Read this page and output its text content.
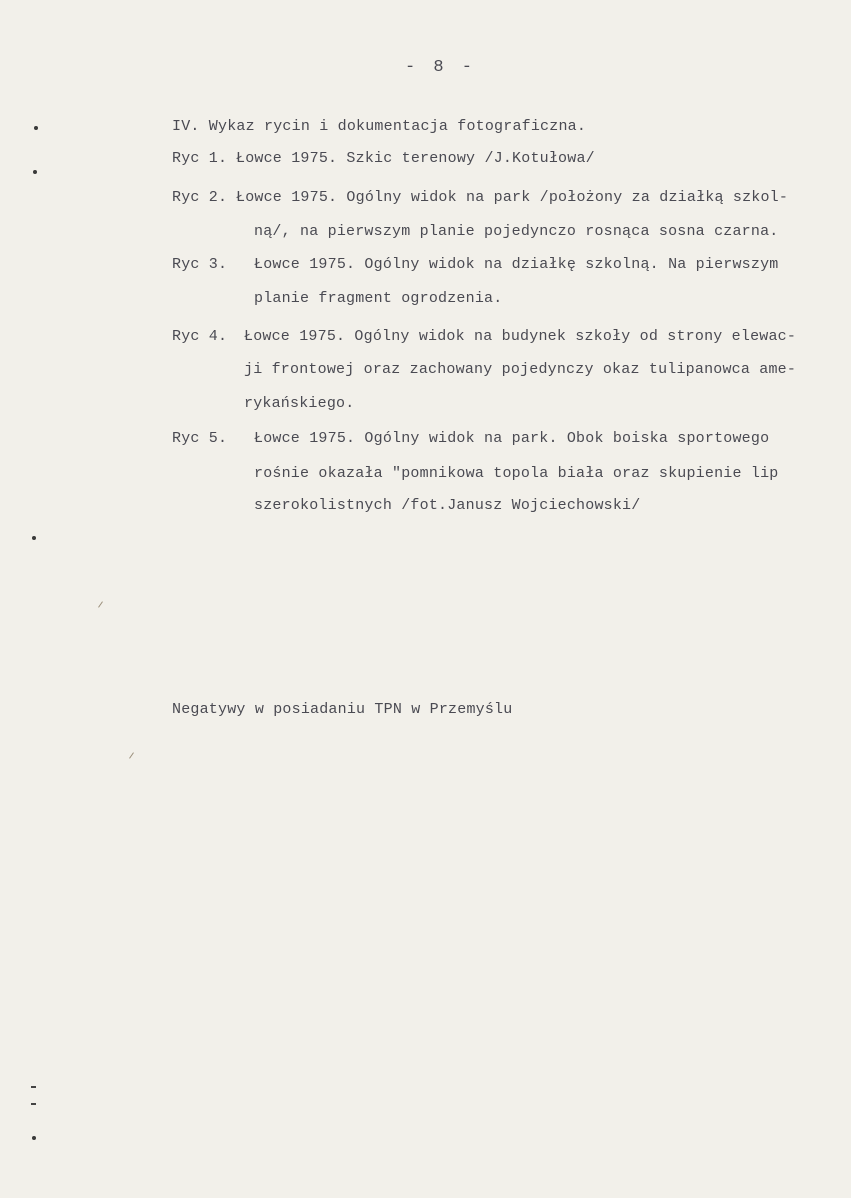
- 8 -
IV. Wykaz rycin i dokumentacja fotograficzna.
Ryc 1. Łowce 1975. Szkic terenowy /J.Kotułowa/
Ryc 2. Łowce 1975. Ogólny widok na park /położony za działką szkol-
ną/, na pierwszym planie pojedynczo rosnąca sosna czarna.
Ryc 3. Łowce 1975. Ogólny widok na działkę szkolną. Na pierwszym
planie fragment ogrodzenia.
Ryc 4. Łowce 1975. Ogólny widok na budynek szkoły od strony elewac-
ji frontowej oraz zachowany pojedynczy okaz tulipanowca ame-
rykańskiego.
Ryc 5. Łowce 1975. Ogólny widok na park. Obok boiska sportowego
rośnie okazała "pomnikowa topola biała oraz skupienie lip
szerokolistnych /fot.Janusz Wojciechowski/
Negatywy w posiadaniu TPN w Przemyślu
